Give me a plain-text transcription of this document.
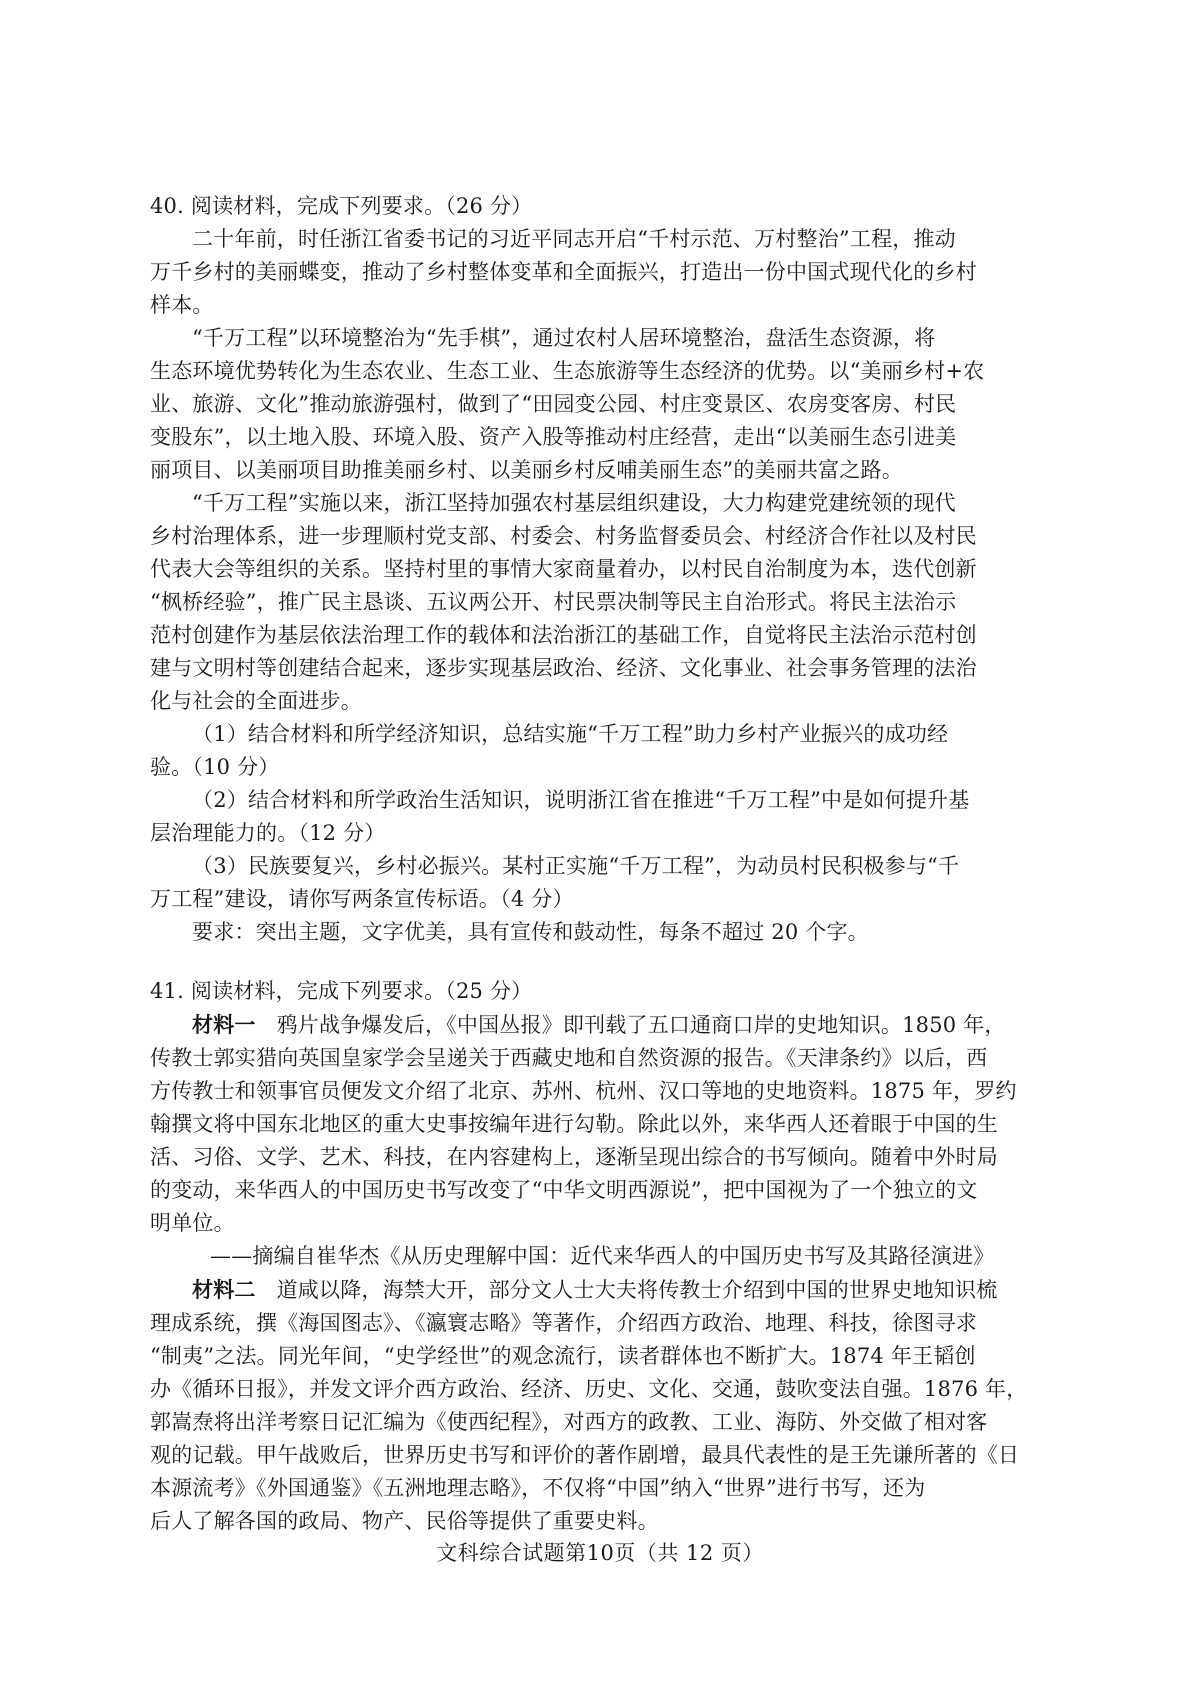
40. 阅读材料，完成下列要求。（26 分）
二十年前，时任浙江省委书记的习近平同志开启“千村示范、万村整治”工程，推动
万千乡村的美丽蝶变，推动了乡村整体变革和全面振兴，打造出一份中国式现代化的乡村
样本。
“千万工程”以环境整治为“先手棋”，通过农村人居环境整治，盘活生态资源，将
生态环境优势转化为生态农业、生态工业、生态旅游等生态经济的优势。以“美丽乡村+农
业、旅游、文化”推动旅游强村，做到了“田园变公园、村庄变景区、农房变客房、村民
变股东”，以土地入股、环境入股、资产入股等推动村庄经营，走出“以美丽生态引进美
丽项目、以美丽项目助推美丽乡村、以美丽乡村反哺美丽生态”的美丽共富之路。
“千万工程”实施以来，浙江坚持加强农村基层组织建设，大力构建党建统领的现代
乡村治理体系，进一步理顺村党支部、村委会、村务监督委员会、村经济合作社以及村民
代表大会等组织的关系。坚持村里的事情大家商量着办，以村民自治制度为本，迭代创新
“枫桥经验”，推广民主恳谈、五议两公开、村民票决制等民主自治形式。将民主法治示
范村创建作为基层依法治理工作的载体和法治浙江的基础工作，自觉将民主法治示范村创
建与文明村等创建结合起来，逐步实现基层政治、经济、文化事业、社会事务管理的法治
化与社会的全面进步。
（1）结合材料和所学经济知识，总结实施“千万工程”助力乡村产业振兴的成功经
验。（10 分）
（2）结合材料和所学政治生活知识，说明浙江省在推进“千万工程”中是如何提升基
层治理能力的。（12 分）
（3）民族要复兴，乡村必振兴。某村正实施“千万工程”，为动员村民积极参与“千
万工程”建设，请你写两条宣传标语。（4 分）
要求：突出主题，文字优美，具有宣传和鼓动性，每条不超过 20 个字。
41. 阅读材料，完成下列要求。（25 分）
材料一 鸦片战争爆发后，《中国丛报》即刊载了五口通商口岸的史地知识。1850 年，
传教士郭实猎向英国皇家学会呈递关于西藏史地和自然资源的报告。《天津条约》以后，西
方传教士和领事官员便发文介绍了北京、苏州、杭州、汉口等地的史地资料。1875 年，罗约
翰撰文将中国东北地区的重大史事按编年进行勾勒。除此以外，来华西人还着眼于中国的生
活、习俗、文学、艺术、科技，在内容建构上，逐渐呈现出综合的书写倾向。随着中外时局
的变动，来华西人的中国历史书写改变了“中华文明西源说”，把中国视为了一个独立的文
明单位。
——摘编自崔华杰《从历史理解中国：近代来华西人的中国历史书写及其路径演进》
材料二 道咸以降，海禁大开，部分文人士大夫将传教士介绍到中国的世界史地知识梳
理成系统，撰《海国图志》、《瀛寰志略》等著作，介绍西方政治、地理、科技，徐图寻求
“制夷”之法。同光年间，“史学经世”的观念流行，读者群体也不断扩大。1874 年王韬创
办《循环日报》，并发文评介西方政治、经济、历史、文化、交通，鼓吹变法自强。1876 年，
郭嵩焘将出洋考察日记汇编为《使西纪程》，对西方的政教、工业、海防、外交做了相对客
观的记载。甲午战败后，世界历史书写和评价的著作剧增，最具代表性的是王先谦所著的《日
本源流考》《外国通鉴》《五洲地理志略》，不仅将“中国”纳入“世界”进行书写，还为
后人了解各国的政局、物产、民俗等提供了重要史料。
文科综合试题第10页（共 12 页）
